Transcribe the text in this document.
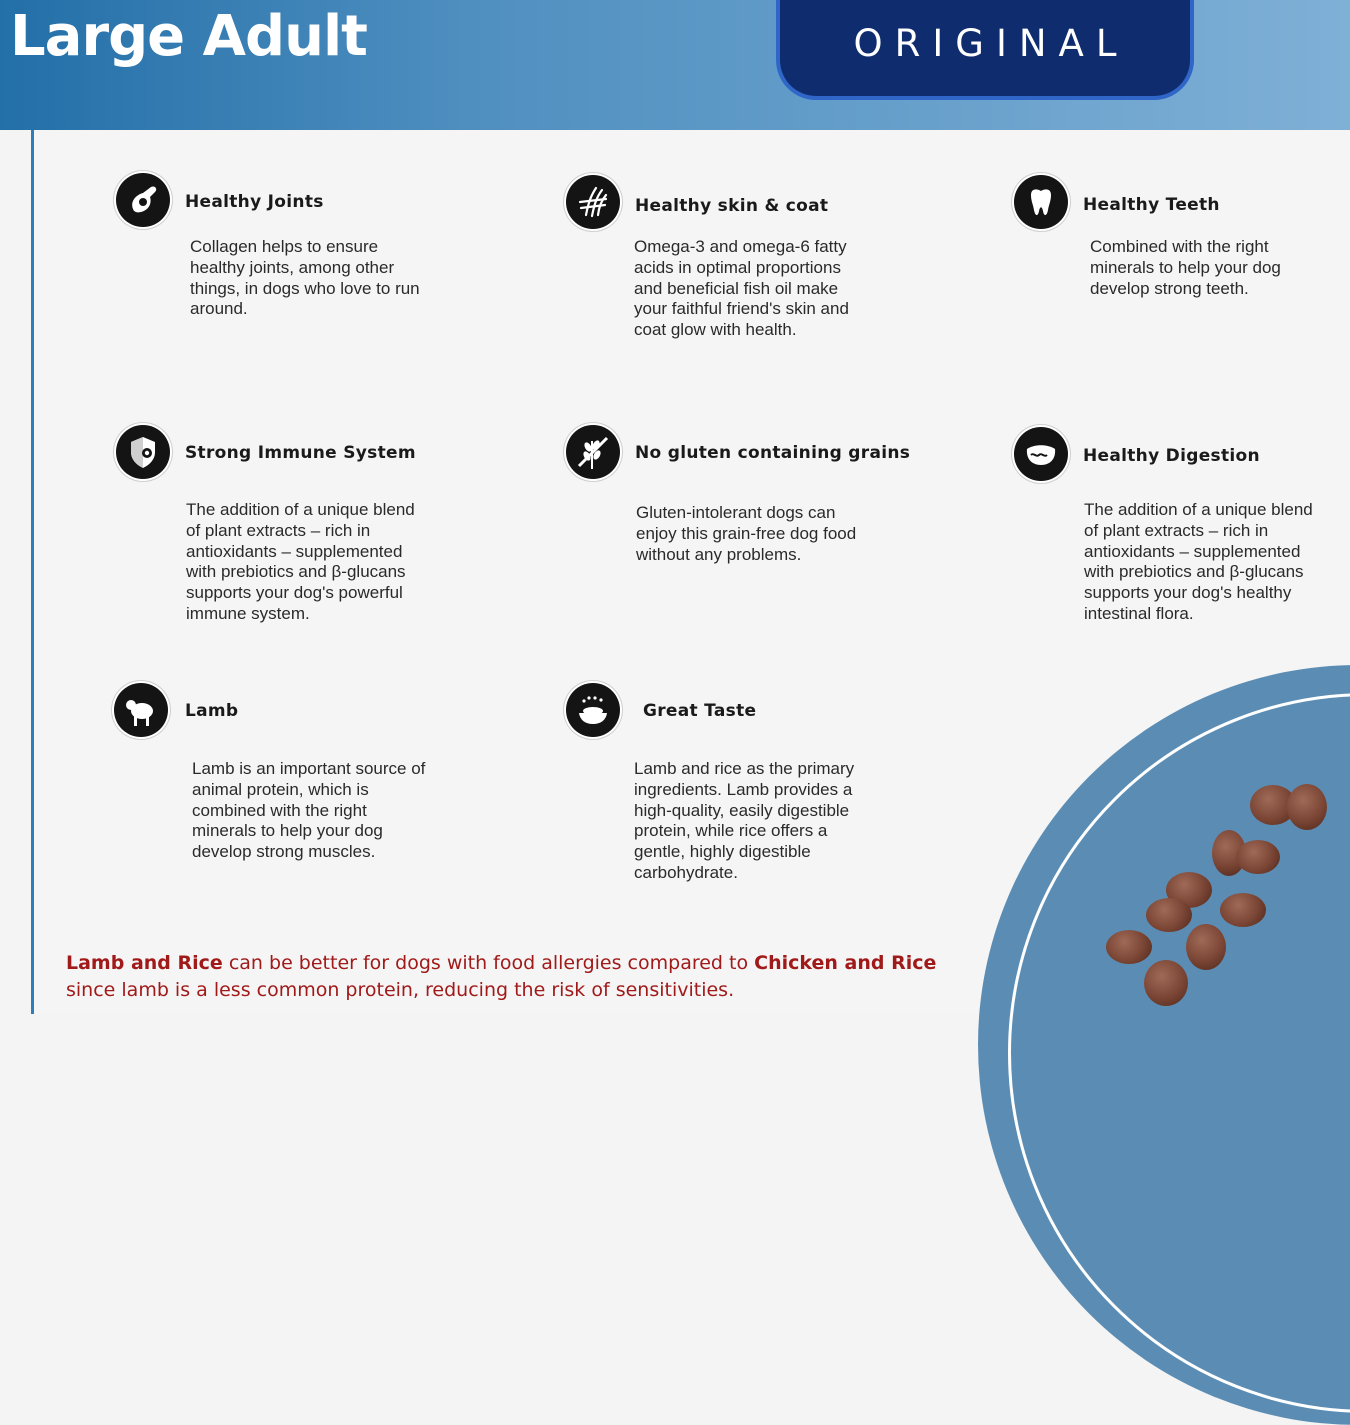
Large Adult	ORIGINAL
Healthy Joints
Collagen helps to ensure
healthy joints, among other
things, in dogs who love to run
around.
Healthy skin & coat
Omega-3 and omega-6 fatty
acids in optimal proportions
and beneficial fish oil make
your faithful friend's skin and
coat glow with health.
Healthy Teeth
Combined with the right
minerals to help your dog
develop strong teeth.
Strong Immune System
The addition of a unique blend
of plant extracts – rich in
antioxidants – supplemented
with prebiotics and β-glucans
supports your dog's powerful
immune system.
No gluten containing grains
Gluten-intolerant dogs can
enjoy this grain-free dog food
without any problems.
Healthy Digestion
The addition of a unique blend
of plant extracts – rich in
antioxidants – supplemented
with prebiotics and β-glucans
supports your dog's healthy
intestinal flora.
Lamb
Lamb is an important source of
animal protein, which is
combined with the right
minerals to help your dog
develop strong muscles.
Great Taste
Lamb and rice as the primary
ingredients. Lamb provides a
high-quality, easily digestible
protein, while rice offers a
gentle, highly digestible
carbohydrate.
Lamb and Rice can be better for dogs with food allergies compared to Chicken and Rice since lamb is a less common protein, reducing the risk of sensitivities.
